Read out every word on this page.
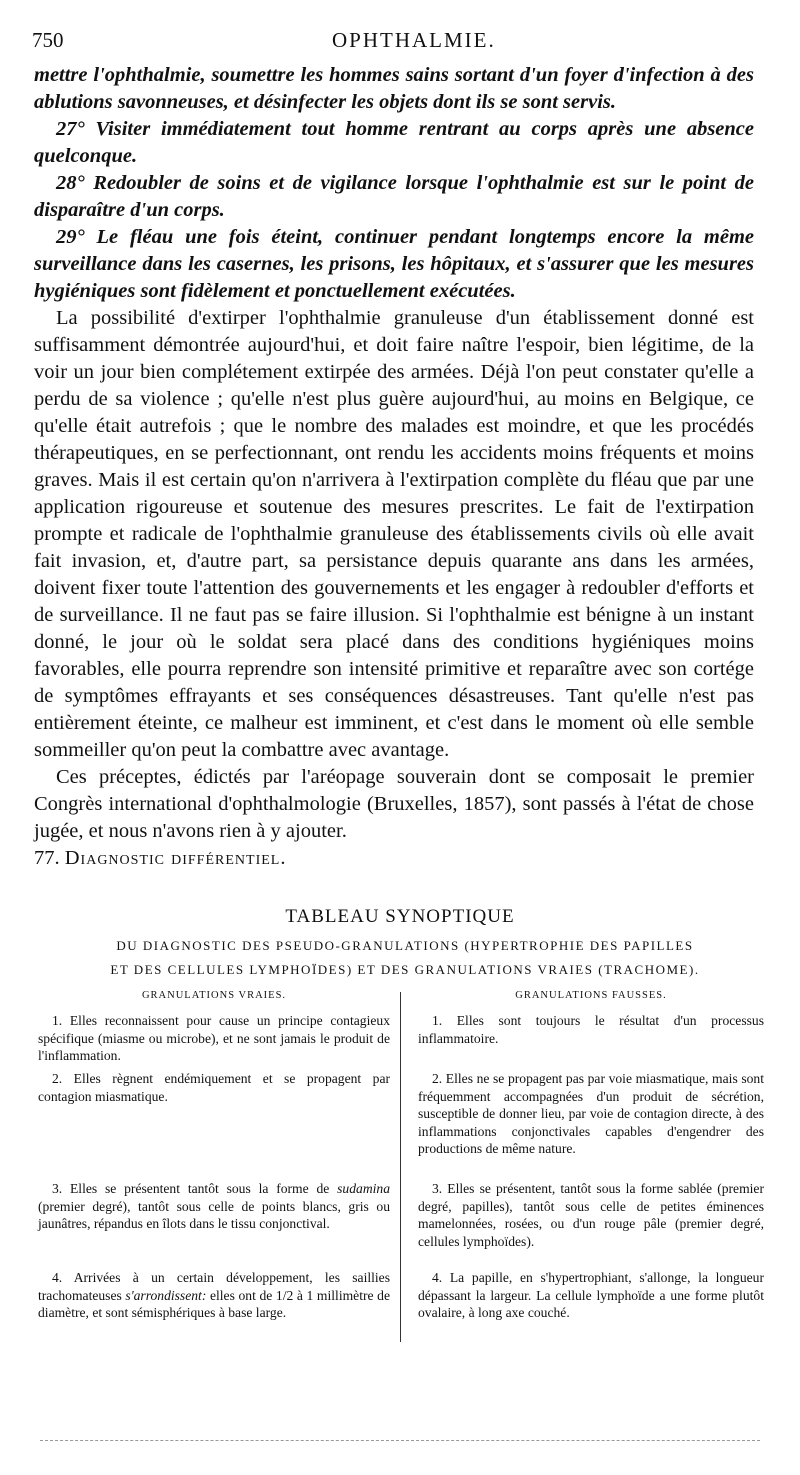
750	OPHTHALMIE.

mettre l'ophthalmie, soumettre les hommes sains sortant d'un foyer d'infection à des ablutions savonneuses, et désinfecter les objets dont ils se sont servis.

27° Visiter immédiatement tout homme rentrant au corps après une absence quelconque.

28° Redoubler de soins et de vigilance lorsque l'ophthalmie est sur le point de disparaître d'un corps.

29° Le fléau une fois éteint, continuer pendant longtemps encore la même surveillance dans les casernes, les prisons, les hôpitaux, et s'assurer que les mesures hygiéniques sont fidèlement et ponctuellement exécutées.

La possibilité d'extirper l'ophthalmie granuleuse d'un établissement donné est suffisamment démontrée aujourd'hui, et doit faire naître l'espoir, bien légitime, de la voir un jour bien complétement extirpée des armées. Déjà l'on peut constater qu'elle a perdu de sa violence ; qu'elle n'est plus guère aujourd'hui, au moins en Belgique, ce qu'elle était autrefois ; que le nombre des malades est moindre, et que les procédés thérapeutiques, en se perfectionnant, ont rendu les accidents moins fréquents et moins graves. Mais il est certain qu'on n'arrivera à l'extirpation complète du fléau que par une application rigoureuse et soutenue des mesures prescrites. Le fait de l'extirpation prompte et radicale de l'ophthalmie granuleuse des établissements civils où elle avait fait invasion, et, d'autre part, sa persistance depuis quarante ans dans les armées, doivent fixer toute l'attention des gouvernements et les engager à redoubler d'efforts et de surveillance. Il ne faut pas se faire illusion. Si l'ophthalmie est bénigne à un instant donné, le jour où le soldat sera placé dans des conditions hygiéniques moins favorables, elle pourra reprendre son intensité primitive et reparaître avec son cortége de symptômes effrayants et ses conséquences désastreuses. Tant qu'elle n'est pas entièrement éteinte, ce malheur est imminent, et c'est dans le moment où elle semble sommeiller qu'on peut la combattre avec avantage.

Ces préceptes, édictés par l'aréopage souverain dont se composait le premier Congrès international d'ophthalmologie (Bruxelles, 1857), sont passés à l'état de chose jugée, et nous n'avons rien à y ajouter.

77. Diagnostic différentiel.

TABLEAU SYNOPTIQUE
DU DIAGNOSTIC DES PSEUDO-GRANULATIONS (HYPERTROPHIE DES PAPILLES
ET DES CELLULES LYMPHOÏDES) ET DES GRANULATIONS VRAIES (TRACHOME).
GRANULATIONS VRAIES.	GRANULATIONS FAUSSES.
1. Elles reconnaissent pour cause un principe contagieux spécifique (miasme ou microbe), et ne sont jamais le produit de l'inflammation.
2. Elles règnent endémiquement et se propagent par contagion miasmatique.
3. Elles se présentent tantôt sous la forme de sudamina (premier degré), tantôt sous celle de points blancs, gris ou jaunâtres, répandus en îlots dans le tissu conjonctival.
4. Arrivées à un certain développement, les saillies trachomateuses s'arrondissent: elles ont de 1/2 à 1 millimètre de diamètre, et sont sémisphériques à base large.
1. Elles sont toujours le résultat d'un processus inflammatoire.
2. Elles ne se propagent pas par voie miasmatique, mais sont fréquemment accompagnées d'un produit de sécrétion, susceptible de donner lieu, par voie de contagion directe, à des inflammations conjonctivales capables d'engendrer des productions de même nature.
3. Elles se présentent, tantôt sous la forme sablée (premier degré, papilles), tantôt sous celle de petites éminences mamelonnées, rosées, ou d'un rouge pâle (premier degré, cellules lymphoïdes).
4. La papille, en s'hypertrophiant, s'allonge, la longueur dépassant la largeur. La cellule lymphoïde a une forme plutôt ovalaire, à long axe couché.
